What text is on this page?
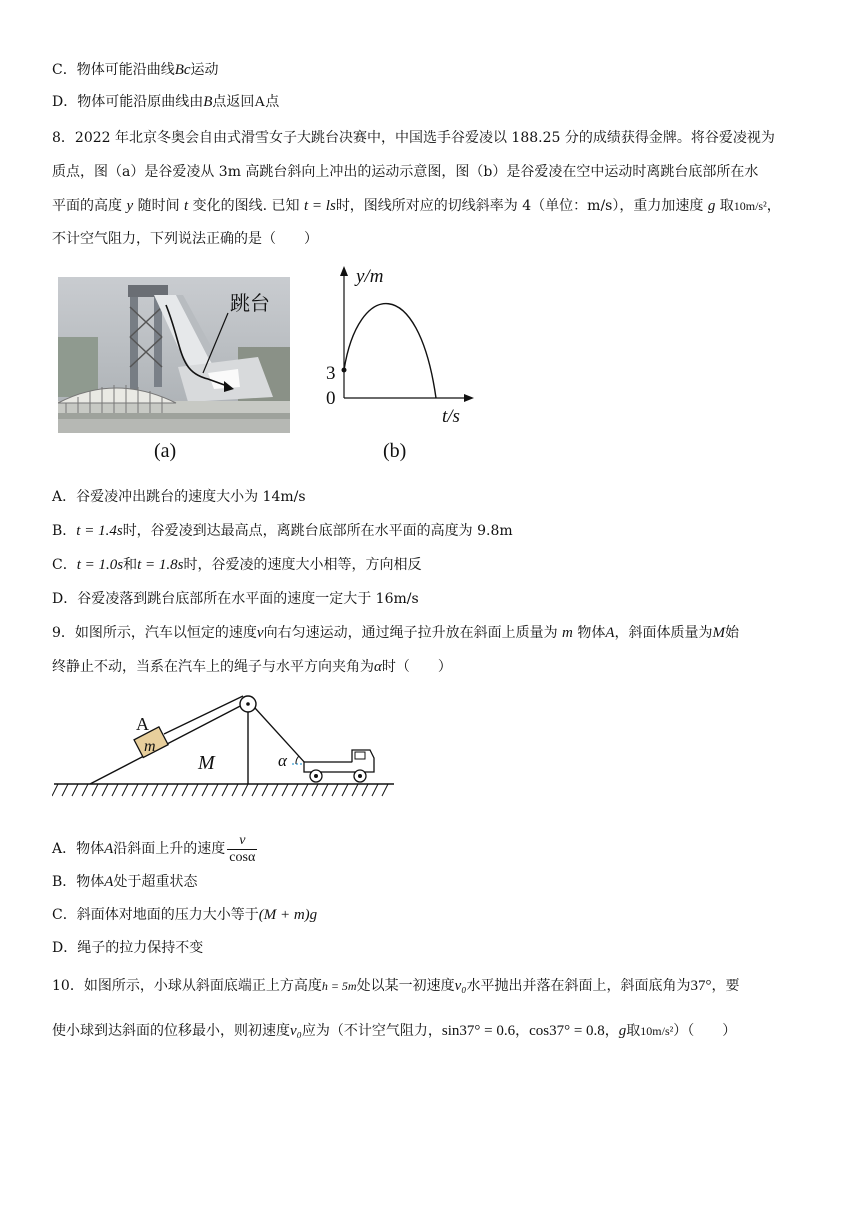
C．物体可能沿曲线Bc运动
D．物体可能沿原曲线由B点返回A点
8．2022 年北京冬奥会自由式滑雪女子大跳台决赛中，中国选手谷爱凌以 188.25 分的成绩获得金牌。将谷爱凌视为
质点，图（a）是谷爱凌从 3m 高跳台斜向上冲出的运动示意图，图（b）是谷爱凌在空中运动时离跳台底部所在水
平面的高度 y 随时间 t 变化的图线. 已知 t = ls时，图线所对应的切线斜率为 4（单位：m/s），重力加速度 g 取10m/s²，
不计空气阻力，下列说法正确的是（　　）
跳台
(a)
y/m
t/s
3
0
(b)
A．谷爱凌冲出跳台的速度大小为 14m/s
B．t = 1.4s时，谷爱凌到达最高点，离跳台底部所在水平面的高度为 9.8m
C．t = 1.0s和t = 1.8s时，谷爱凌的速度大小相等，方向相反
D．谷爱凌落到跳台底部所在水平面的速度一定大于 16m/s
9．如图所示，汽车以恒定的速度v向右匀速运动，通过绳子拉升放在斜面上质量为 m 物体A，斜面体质量为M始
终静止不动，当系在汽车上的绳子与水平方向夹角为α时（　　）
A
m
M	α
A．物体A沿斜面上升的速度 $\frac{v}{\cos\alpha}$
B．物体A处于超重状态
C．斜面体对地面的压力大小等于(M + m)g
D．绳子的拉力保持不变
10．如图所示，小球从斜面底端正上方高度h = 5m处以某一初速度v₀水平抛出并落在斜面上，斜面底角为37°，要
使小球到达斜面的位移最小，则初速度v₀应为（不计空气阻力，sin37° = 0.6，cos37° = 0.8，g取10m/s²）（　　）
